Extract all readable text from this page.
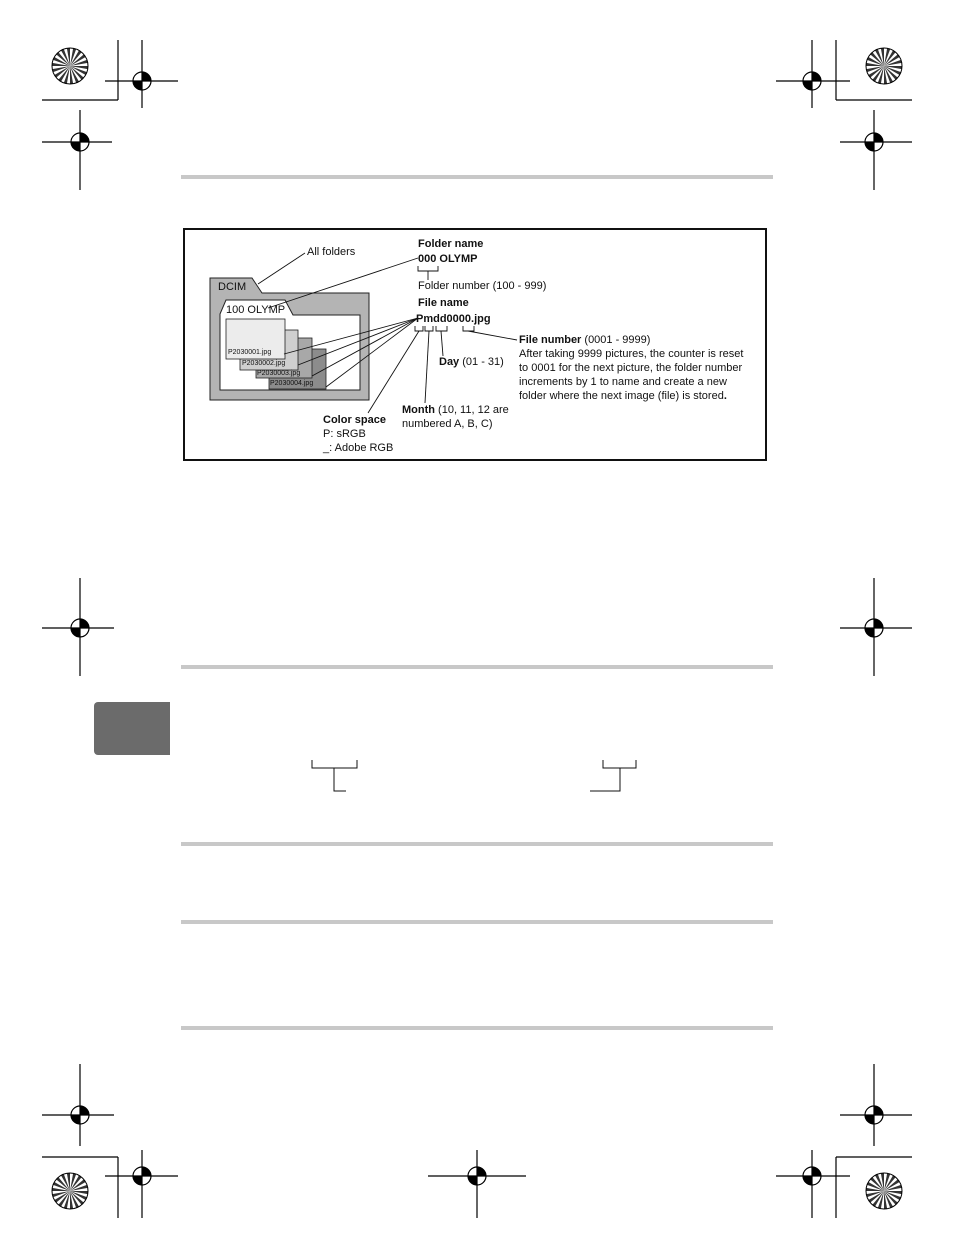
All folders
DCIM
100 OLYMP
P2030001.jpg
P2030002.jpg
P2030003.jpg
P2030004.jpg
Folder name
000 OLYMP
Folder number (100 - 999)
File name
Pmdd0000.jpg
File number (0001 - 9999)
After taking 9999 pictures, the counter is reset
to 0001 for the next picture, the folder number
increments by 1 to name and create a new
folder where the next image (file) is stored.
Day (01 - 31)
Month (10, 11, 12 are
numbered A, B, C)
Color space
P: sRGB
_: Adobe RGB
